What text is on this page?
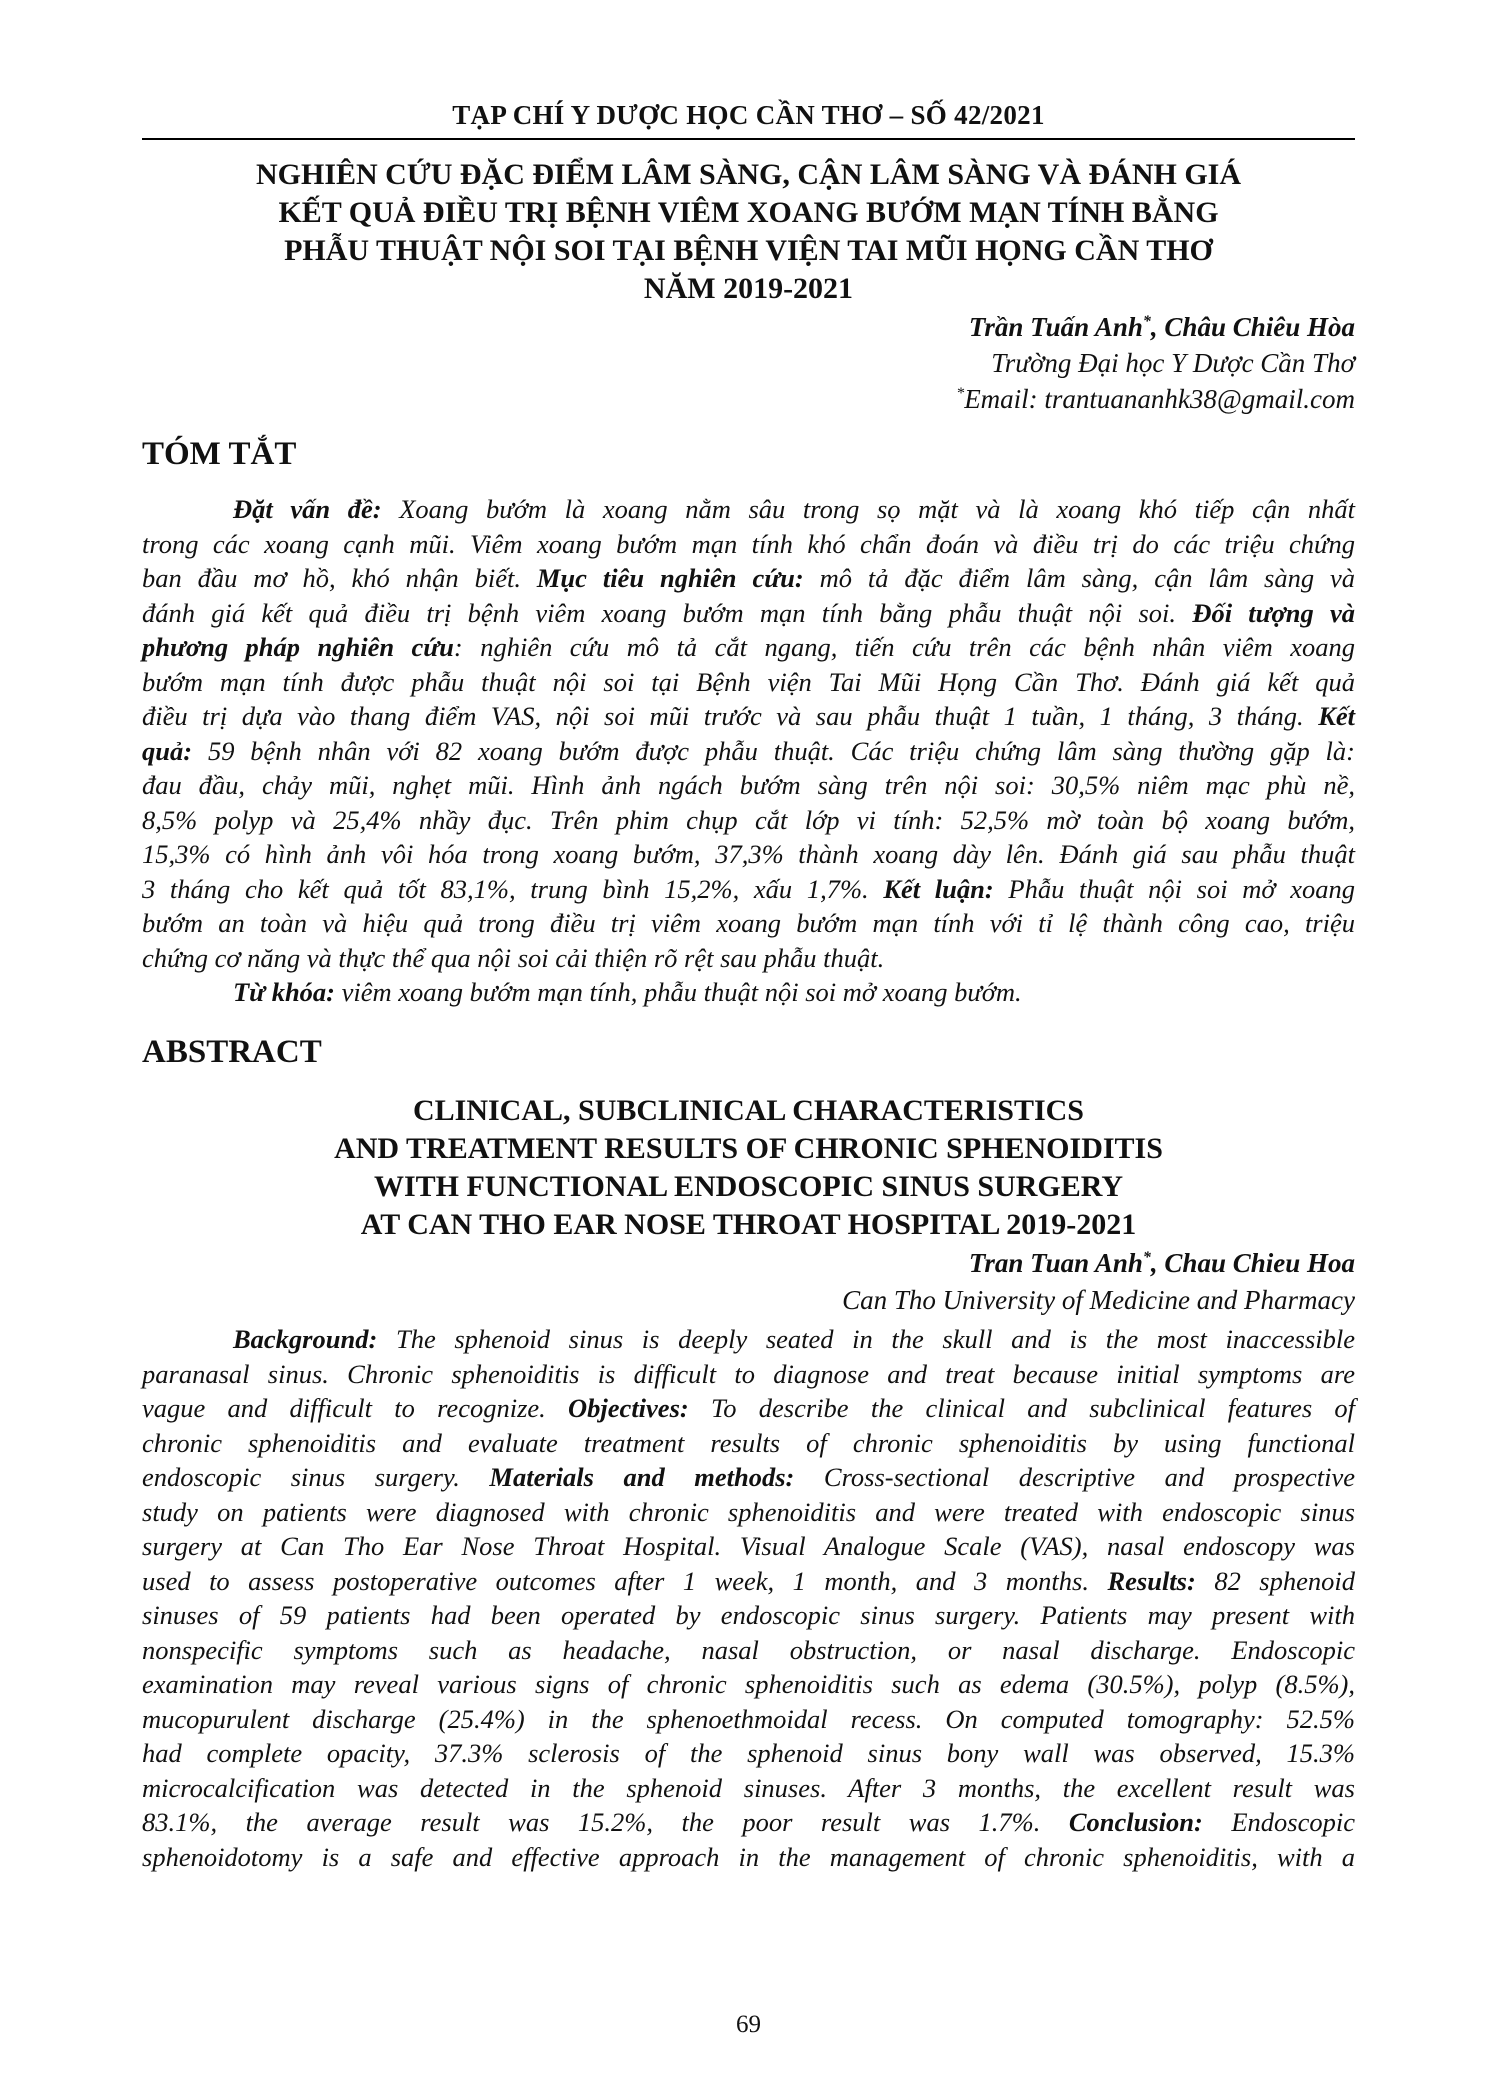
TẠP CHÍ Y DƯỢC HỌC CẦN THƠ – SỐ 42/2021
NGHIÊN CỨU ĐẶC ĐIỂM LÂM SÀNG, CẬN LÂM SÀNG VÀ ĐÁNH GIÁ
KẾT QUẢ ĐIỀU TRỊ BỆNH VIÊM XOANG BƯỚM MẠN TÍNH BẰNG
PHẪU THUẬT NỘI SOI TẠI BỆNH VIỆN TAI MŨI HỌNG CẦN THƠ
NĂM 2019-2021
Trần Tuấn Anh*, Châu Chiêu Hòa
Trường Đại học Y Dược Cần Thơ
*Email: trantuananhk38@gmail.com
TÓM TẮT
Đặt vấn đề: Xoang bướm là xoang nằm sâu trong sọ mặt và là xoang khó tiếp cận nhất
trong các xoang cạnh mũi. Viêm xoang bướm mạn tính khó chẩn đoán và điều trị do các triệu chứng
ban đầu mơ hồ, khó nhận biết. Mục tiêu nghiên cứu: mô tả đặc điểm lâm sàng, cận lâm sàng và
đánh giá kết quả điều trị bệnh viêm xoang bướm mạn tính bằng phẫu thuật nội soi. Đối tượng và
phương pháp nghiên cứu: nghiên cứu mô tả cắt ngang, tiến cứu trên các bệnh nhân viêm xoang
bướm mạn tính được phẫu thuật nội soi tại Bệnh viện Tai Mũi Họng Cần Thơ. Đánh giá kết quả
điều trị dựa vào thang điểm VAS, nội soi mũi trước và sau phẫu thuật 1 tuần, 1 tháng, 3 tháng. Kết
quả: 59 bệnh nhân với 82 xoang bướm được phẫu thuật. Các triệu chứng lâm sàng thường gặp là:
đau đầu, chảy mũi, nghẹt mũi. Hình ảnh ngách bướm sàng trên nội soi: 30,5% niêm mạc phù nề,
8,5% polyp và 25,4% nhầy đục. Trên phim chụp cắt lớp vi tính: 52,5% mờ toàn bộ xoang bướm,
15,3% có hình ảnh vôi hóa trong xoang bướm, 37,3% thành xoang dày lên. Đánh giá sau phẫu thuật
3 tháng cho kết quả tốt 83,1%, trung bình 15,2%, xấu 1,7%. Kết luận: Phẫu thuật nội soi mở xoang
bướm an toàn và hiệu quả trong điều trị viêm xoang bướm mạn tính với tỉ lệ thành công cao, triệu
chứng cơ năng và thực thể qua nội soi cải thiện rõ rệt sau phẫu thuật.
Từ khóa: viêm xoang bướm mạn tính, phẫu thuật nội soi mở xoang bướm.
ABSTRACT
CLINICAL, SUBCLINICAL CHARACTERISTICS
AND TREATMENT RESULTS OF CHRONIC SPHENOIDITIS
WITH FUNCTIONAL ENDOSCOPIC SINUS SURGERY
AT CAN THO EAR NOSE THROAT HOSPITAL 2019-2021
Tran Tuan Anh*, Chau Chieu Hoa
Can Tho University of Medicine and Pharmacy
Background: The sphenoid sinus is deeply seated in the skull and is the most inaccessible
paranasal sinus. Chronic sphenoiditis is difficult to diagnose and treat because initial symptoms are
vague and difficult to recognize. Objectives: To describe the clinical and subclinical features of
chronic sphenoiditis and evaluate treatment results of chronic sphenoiditis by using functional
endoscopic sinus surgery. Materials and methods: Cross-sectional descriptive and prospective
study on patients were diagnosed with chronic sphenoiditis and were treated with endoscopic sinus
surgery at Can Tho Ear Nose Throat Hospital. Visual Analogue Scale (VAS), nasal endoscopy was
used to assess postoperative outcomes after 1 week, 1 month, and 3 months. Results: 82 sphenoid
sinuses of 59 patients had been operated by endoscopic sinus surgery. Patients may present with
nonspecific symptoms such as headache, nasal obstruction, or nasal discharge. Endoscopic
examination may reveal various signs of chronic sphenoiditis such as edema (30.5%), polyp (8.5%),
mucopurulent discharge (25.4%) in the sphenoethmoidal recess. On computed tomography: 52.5%
had complete opacity, 37.3% sclerosis of the sphenoid sinus bony wall was observed, 15.3%
microcalcification was detected in the sphenoid sinuses. After 3 months, the excellent result was
83.1%, the average result was 15.2%, the poor result was 1.7%. Conclusion: Endoscopic
sphenoidotomy is a safe and effective approach in the management of chronic sphenoiditis, with a
69
